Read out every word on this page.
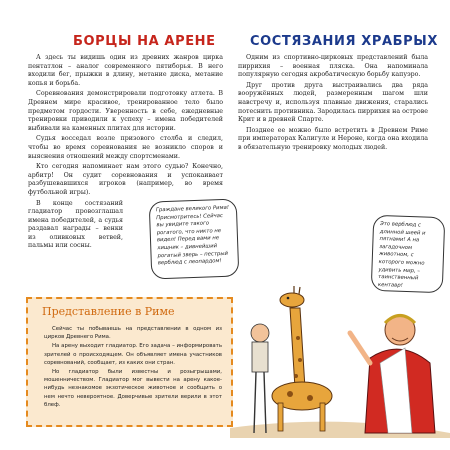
БОРЦЫ НА АРЕНЕ	СОСТЯЗАНИЯ ХРАБРЫХ

А здесь ты видишь один из древних жанров цирка пентатлон – аналог современного пятиборья. В него входили бег, прыжки в длину, метание диска, метание копья и борьба.

Соревнования демонстрировали подготовку атлета. В Древнем мире красивое, тренированное тело было предметом гордости. Уверенность в себе, ежедневные тренировки приводили к успеху – имена победителей выбивали на каменных плитах для истории.

Судья восседал возле призового столба и следил, чтобы во время соревнования не возникло споров и выяснения отношений между спортсменами.

Кто сегодня напоминает нам этого судью? Конечно, арбитр! Он судит соревнования и успокаивает разбушевавшихся игроков (например, во время футбольной игры).

В конце состязаний гладиатор провозглашал имена победителей, а судья раздавал награды – венки из оливковых ветвей, пальмы или сосны.

Одним из спортивно-цирковых представлений была пирриxия – военная пляска. Она напоминала популярную сегодня акробатическую борьбу капуэро.

Друг против друга выстраивались два ряда вооружённых людей, размеренным шагом шли навстречу и, используя плавные движения, старались потеснить противника. Зародилась пиррихия на острове Крит и в древней Спарте.

Позднее ее можно было встретить в Древнем Риме при императорах Калигуле и Нероне, когда она входила в обязательную тренировку молодых людей.

Граждане великого Рима! Присмотритесь! Сейчас вы увидите такого рогатого, что никто не видел! Перед вами не хищник – дивнейший рогатый зверь – пестрый верблюд с леопардом!
Это верблюд с длинной шеей и пятнами! А на загадочном животном, с которого можно удивить мир, – таинственный кентавр!
Представление в Риме

Сейчас ты побываешь на представлении в одном из цирков Древнего Рима.

На арену выходит гладиатор. Его задача – информировать зрителей о происходящем. Он объявляет имена участников соревнований, сообщает, из каких они стран.

Но гладиатор были известны и розыгрышами, мошенничеством. Гладиатор мог вывести на арену какое-нибудь незнакомое экзотическое животное и сообщить о нем нечто невероятное. Доверчивые зрители верили в этот блеф.
